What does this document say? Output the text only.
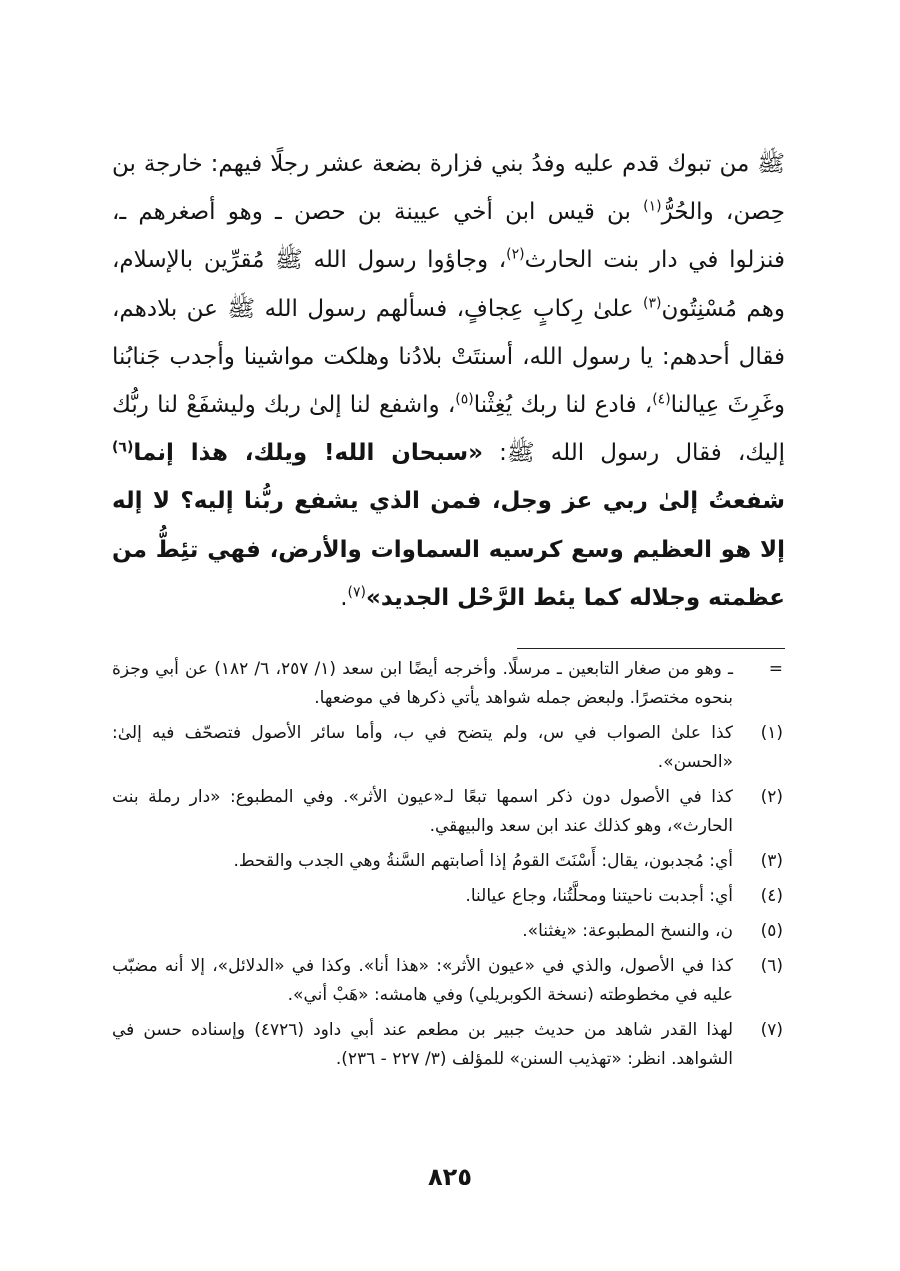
ﷺ من تبوك قدم عليه وفدُ بني فزارة بضعة عشر رجلًا فيهم: خارجة بن حِصن، والحُرُّ$^{(١)}$ بن قيس ابن أخي عيينة بن حصن ـ وهو أصغرهم ـ، فنزلوا في دار بنت الحارث$^{(٢)}$، وجاؤوا رسول الله ﷺ مُقرِّين بالإسلام، وهم مُسْنِتُون$^{(٣)}$ علىٰ رِكابٍ عِجافٍ، فسألهم رسول الله ﷺ عن بلادهم، فقال أحدهم: يا رسول الله، أسنتَتْ بلادُنا وهلكت مواشينا وأجدب جَنابُنا وغَرِثَ عِيالنا$^{(٤)}$، فادع لنا ربك يُغِثْنا$^{(٥)}$، واشفع لنا إلىٰ ربك وليشفَعْ لنا ربُّك إليك، فقال رسول الله ﷺ: «سبحان الله! ويلك، هذا إنما$^{(٦)}$ شفعتُ إلىٰ ربي عز وجل، فمن الذي يشفع ربُّنا إليه؟ لا إله إلا هو العظيم وسع كرسيه السماوات والأرض، فهي تئِطُّ من عظمته وجلاله كما يئط الرَّحْل الجديد»$^{(٧)}$.

=
ـ وهو من صغار التابعين ـ مرسلًا. وأخرجه أيضًا ابن سعد (١/ ٢٥٧، ٦/ ١٨٢) عن أبي وجزة بنحوه مختصرًا. ولبعض جمله شواهد يأتي ذكرها في موضعها.
(١)
كذا علىٰ الصواب في س، ولم يتضح في ب، وأما سائر الأصول فتصحّف فيه إلىٰ: «الحسن».
(٢)
كذا في الأصول دون ذكر اسمها تبعًا لـ«عيون الأثر». وفي المطبوع: «دار رملة بنت الحارث»، وهو كذلك عند ابن سعد والبيهقي.
(٣)
أي: مُجدبون، يقال: أَسْنَتَ القومُ إذا أصابتهم السَّنةُ وهي الجدب والقحط.
(٤)
أي: أجدبت ناحيتنا ومحلَّتُنا، وجاع عيالنا.
(٥)
ن، والنسخ المطبوعة: «يغثنا».
(٦)
كذا في الأصول، والذي في «عيون الأثر»: «هذا أنا». وكذا في «الدلائل»، إلا أنه مضبّب عليه في مخطوطته (نسخة الكوبريلي) وفي هامشه: «هَبْ أني».
(٧)
لهذا القدر شاهد من حديث جبير بن مطعم عند أبي داود (٤٧٢٦) وإسناده حسن في الشواهد. انظر: «تهذيب السنن» للمؤلف (٣/ ٢٢٧ - ٢٣٦).
٨٢٥
